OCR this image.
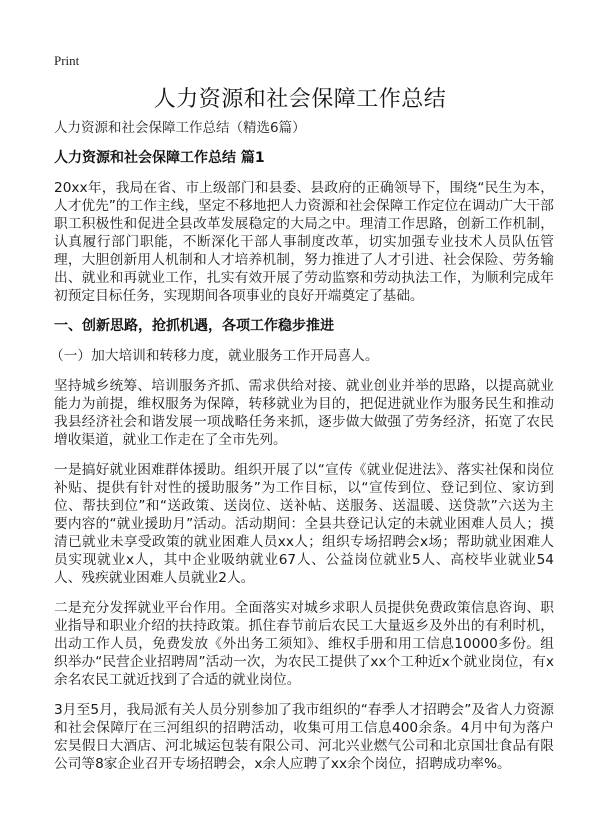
Print
人力资源和社会保障工作总结

人力资源和社会保障工作总结（精选6篇）

人力资源和社会保障工作总结 篇1

20xx年，我局在省、市上级部门和县委、县政府的正确领导下，围绕“民生为本，人才优先”的工作主线，坚定不移地把人力资源和社会保障工作定位在调动广大干部职工积极性和促进全县改革发展稳定的大局之中。理清工作思路，创新工作机制，认真履行部门职能，不断深化干部人事制度改革，切实加强专业技术人员队伍管理，大胆创新用人机制和人才培养机制，努力推进了人才引进、社会保险、劳务输出、就业和再就业工作，扎实有效开展了劳动监察和劳动执法工作，为顺利完成年初预定目标任务，实现期间各项事业的良好开端奠定了基础。

一、创新思路，抢抓机遇，各项工作稳步推进

（一）加大培训和转移力度，就业服务工作开局喜人。

坚持城乡统筹、培训服务齐抓、需求供给对接、就业创业并举的思路，以提高就业能力为前提，维权服务为保障，转移就业为目的，把促进就业作为服务民生和推动我县经济社会和谐发展一项战略任务来抓，逐步做大做强了劳务经济，拓宽了农民增收渠道，就业工作走在了全市先列。

一是搞好就业困难群体援助。组织开展了以“宣传《就业促进法》、落实社保和岗位补贴、提供有针对性的援助服务”为工作目标，以“宣传到位、登记到位、家访到位、帮扶到位”和“送政策、送岗位、送补帖、送服务、送温暖、送贷款”六送为主要内容的“就业援助月”活动。活动期间：全县共登记认定的未就业困难人员人；摸清已就业未享受政策的就业困难人员xx人；组织专场招聘会x场；帮助就业困难人员实现就业x人，其中企业吸纳就业67人、公益岗位就业5人、高校毕业就业54人、残疾就业困难人员就业2人。

二是充分发挥就业平台作用。全面落实对城乡求职人员提供免费政策信息咨询、职业指导和职业介绍的扶持政策。抓住春节前后农民工大量返乡及外出的有利时机，出动工作人员，免费发放《外出务工须知》、维权手册和用工信息10000多份。组织举办“民营企业招聘周”活动一次，为农民工提供了xx个工种近x个就业岗位，有x余名农民工就近找到了合适的就业岗位。

3月至5月，我局派有关人员分别参加了我市组织的“春季人才招聘会”及省人力资源和社会保障厅在三河组织的招聘活动，收集可用工信息400余条。4月中旬为落户宏昊假日大酒店、河北城运包装有限公司、河北兴业燃气公司和北京国壮食品有限公司等8家企业召开专场招聘会，x余人应聘了xx余个岗位，招聘成功率%。
